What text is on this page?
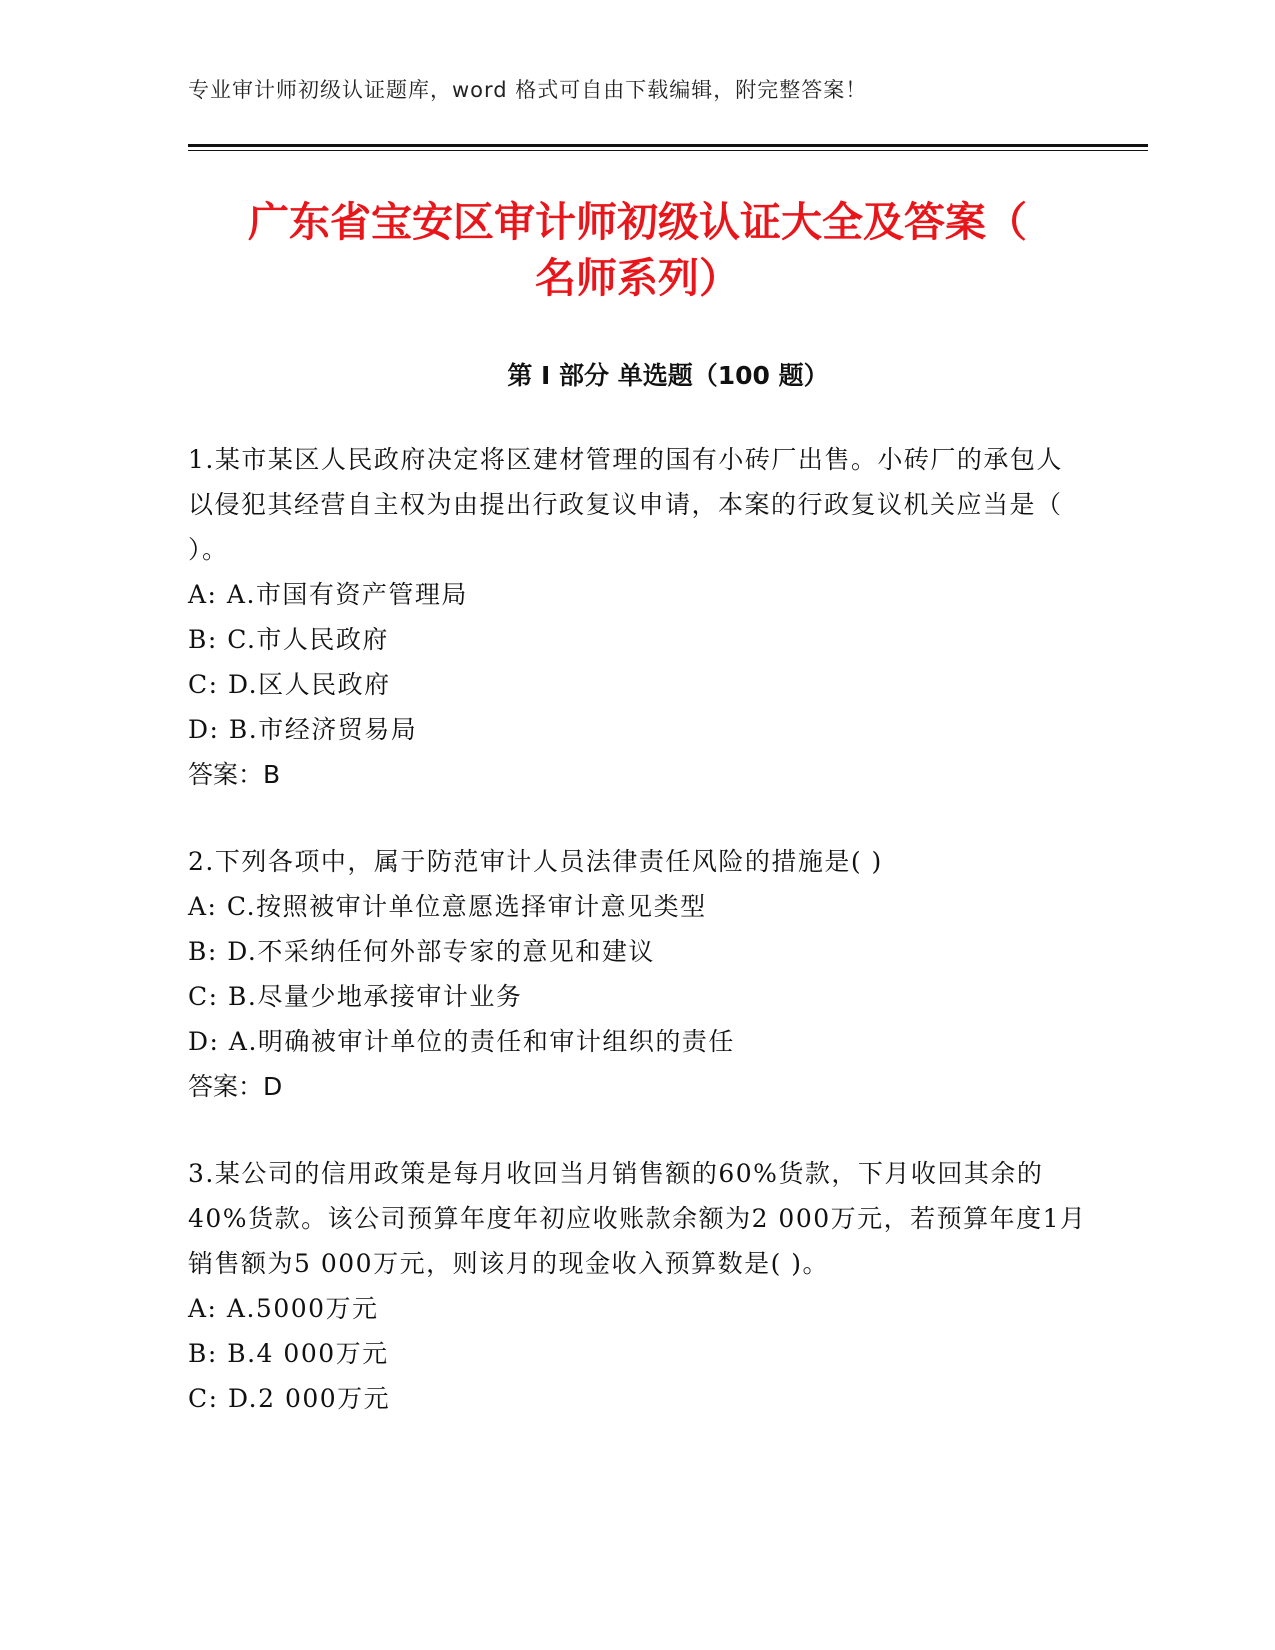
专业审计师初级认证题库，word 格式可自由下载编辑，附完整答案！
广东省宝安区审计师初级认证大全及答案（
名师系列）
第 I 部分 单选题（100 题）
1.某市某区人民政府决定将区建材管理的国有小砖厂出售。小砖厂的承包人以侵犯其经营自主权为由提出行政复议申请，本案的行政复议机关应当是（ ）。
A: A.市国有资产管理局
B: C.市人民政府
C: D.区人民政府
D: B.市经济贸易局
答案：B
2.下列各项中，属于防范审计人员法律责任风险的措施是( )
A: C.按照被审计单位意愿选择审计意见类型
B: D.不采纳任何外部专家的意见和建议
C: B.尽量少地承接审计业务
D: A.明确被审计单位的责任和审计组织的责任
答案：D
3.某公司的信用政策是每月收回当月销售额的60%货款，下月收回其余的40%货款。该公司预算年度年初应收账款余额为2 000万元，若预算年度1月销售额为5 000万元，则该月的现金收入预算数是( )。
A: A.5000万元
B: B.4 000万元
C: D.2 000万元
